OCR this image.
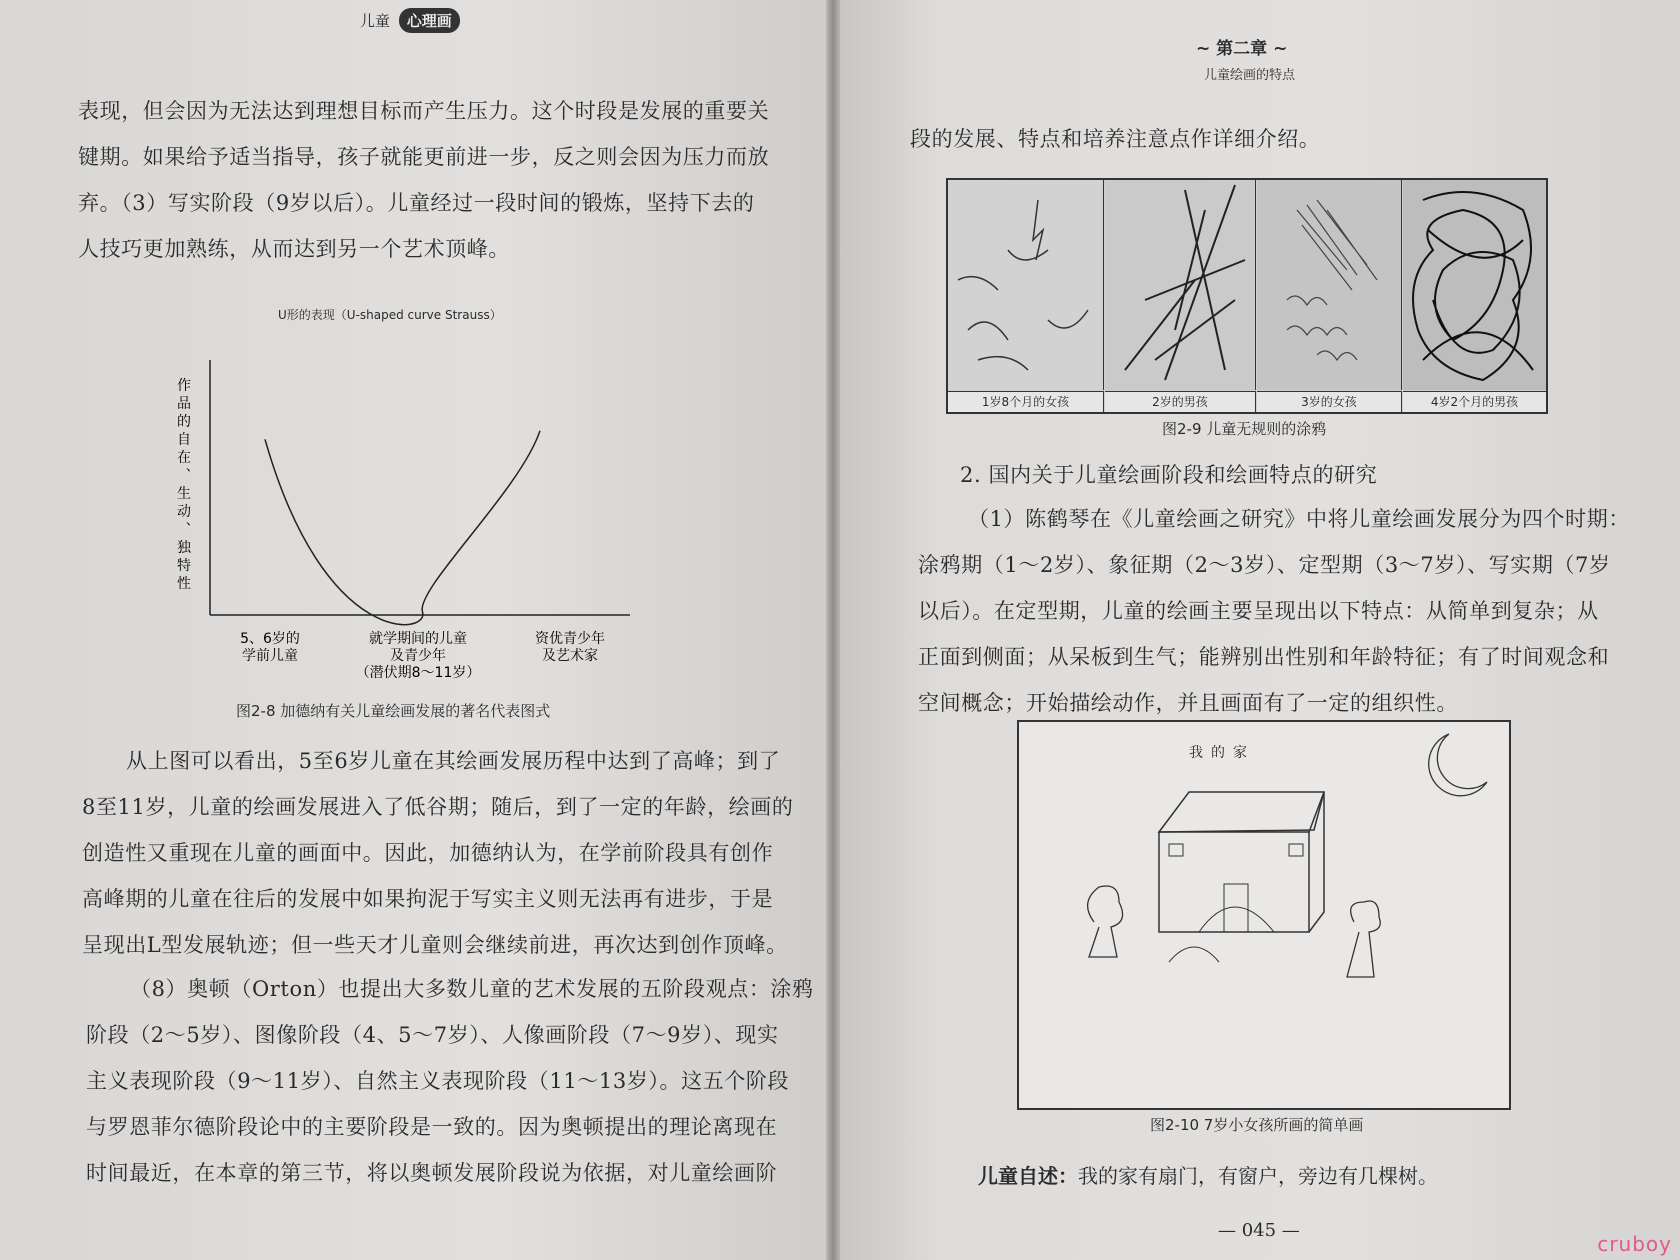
儿童 心理画
表现，但会因为无法达到理想目标而产生压力。这个时段是发展的重要关
键期。如果给予适当指导，孩子就能更前进一步，反之则会因为压力而放
弃。（3）写实阶段（9岁以后）。儿童经过一段时间的锻炼，坚持下去的
人技巧更加熟练，从而达到另一个艺术顶峰。
U形的表现（U-shaped curve Strauss）
作
品
的
自
在
︑
生
动
︑
独
特
性
5、6岁的
学前儿童
就学期间的儿童
及青少年
（潜伏期8～11岁）
资优青少年
及艺术家
图2-8 加德纳有关儿童绘画发展的著名代表图式
从上图可以看出，5至6岁儿童在其绘画发展历程中达到了高峰；到了
8至11岁，儿童的绘画发展进入了低谷期；随后，到了一定的年龄，绘画的
创造性又重现在儿童的画面中。因此，加德纳认为，在学前阶段具有创作
高峰期的儿童在往后的发展中如果拘泥于写实主义则无法再有进步，于是
呈现出L型发展轨迹；但一些天才儿童则会继续前进，再次达到创作顶峰。
（8）奥顿（Orton）也提出大多数儿童的艺术发展的五阶段观点：涂鸦
阶段（2～5岁）、图像阶段（4、5～7岁）、人像画阶段（7～9岁）、现实
主义表现阶段（9～11岁）、自然主义表现阶段（11～13岁）。这五个阶段
与罗恩菲尔德阶段论中的主要阶段是一致的。因为奥顿提出的理论离现在
时间最近，在本章的第三节，将以奥顿发展阶段说为依据，对儿童绘画阶
~ 第二章 ~
儿童绘画的特点
段的发展、特点和培养注意点作详细介绍。
1岁8个月的女孩	2岁的男孩	3岁的女孩	4岁2个月的男孩
图2-9 儿童无规则的涂鸦
2. 国内关于儿童绘画阶段和绘画特点的研究
（1）陈鹤琴在《儿童绘画之研究》中将儿童绘画发展分为四个时期：
涂鸦期（1～2岁）、象征期（2～3岁）、定型期（3～7岁）、写实期（7岁
以后）。在定型期，儿童的绘画主要呈现出以下特点：从简单到复杂；从
正面到侧面；从呆板到生气；能辨别出性别和年龄特征；有了时间观念和
空间概念；开始描绘动作，并且画面有了一定的组织性。
我的家
图2-10 7岁小女孩所画的简单画
儿童自述：我的家有扇门，有窗户，旁边有几棵树。
— 045 —
cruboy
